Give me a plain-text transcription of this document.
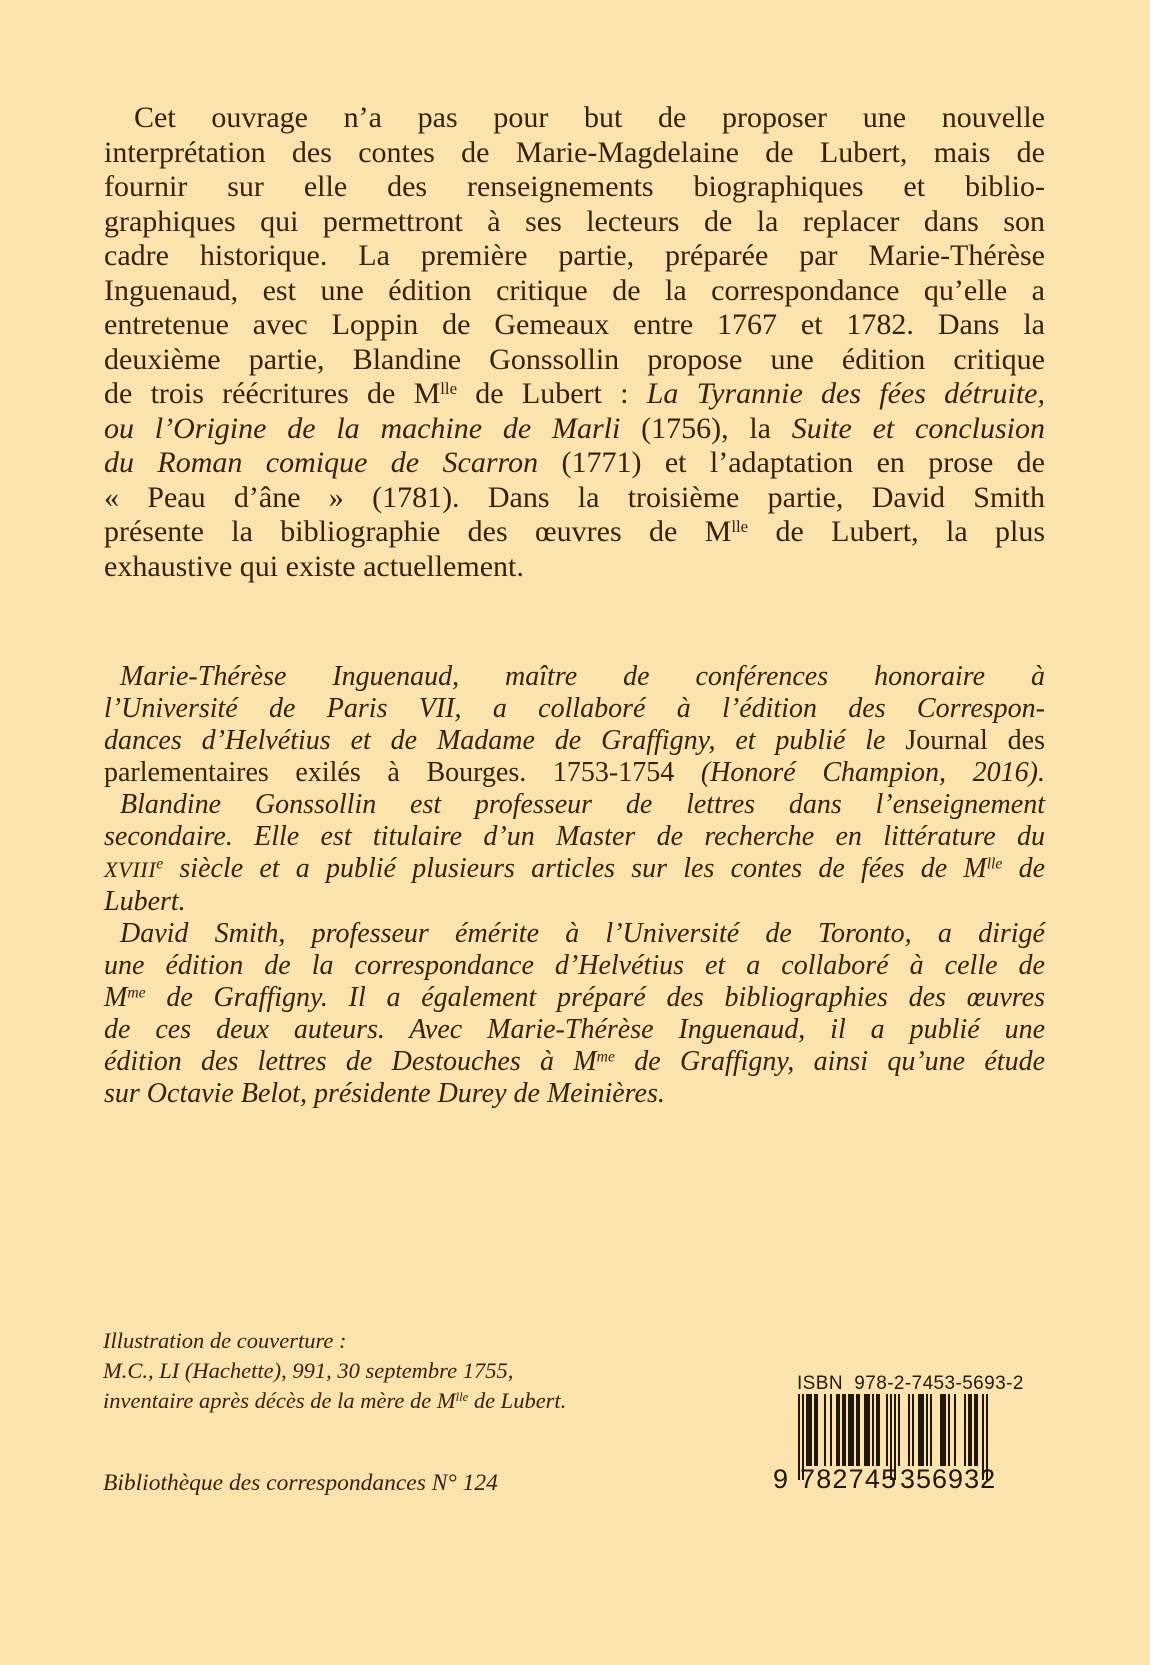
Cet ouvrage n’a pas pour but de proposer une nouvelle
interprétation des contes de Marie-Magdelaine de Lubert, mais de
fournir sur elle des renseignements biographiques et biblio-
graphiques qui permettront à ses lecteurs de la replacer dans son
cadre historique. La première partie, préparée par Marie-Thérèse
Inguenaud, est une édition critique de la correspondance qu’elle a
entretenue avec Loppin de Gemeaux entre 1767 et 1782. Dans la
deuxième partie, Blandine Gonssollin propose une édition critique
de trois réécritures de $M^{lle}$ de Lubert : La Tyrannie des fées détruite,
ou l’Origine de la machine de Marli (1756), la Suite et conclusion
du Roman comique de Scarron (1771) et l’adaptation en prose de
« Peau d’âne » (1781). Dans la troisième partie, David Smith
présente la bibliographie des œuvres de $M^{lle}$ de Lubert, la plus
exhaustive qui existe actuellement.
Marie-Thérèse Inguenaud, maître de conférences honoraire à
l’Université de Paris VII, a collaboré à l’édition des Correspon-
dances d’Helvétius et de Madame de Graffigny, et publié le Journal des
parlementaires exilés à Bourges. 1753-1754 (Honoré Champion, 2016).
Blandine Gonssollin est professeur de lettres dans l’enseignement
secondaire. Elle est titulaire d’un Master de recherche en littérature du
XVIIIe siècle et a publié plusieurs articles sur les contes de fées de $M^{lle}$ de
Lubert.
David Smith, professeur émérite à l’Université de Toronto, a dirigé
une édition de la correspondance d’Helvétius et a collaboré à celle de
$M^{me}$ de Graffigny. Il a également préparé des bibliographies des œuvres
de ces deux auteurs. Avec Marie-Thérèse Inguenaud, il a publié une
édition des lettres de Destouches à $M^{me}$ de Graffigny, ainsi qu’une étude
sur Octavie Belot, présidente Durey de Meinières.
Illustration de couverture :
M.C., LI (Hachette), 991, 30 septembre 1755,
inventaire après décès de la mère de $M^{lle}$ de Lubert.
Bibliothèque des correspondances N° 124
ISBN  978-2-7453-5693-2
9 782745 356932
